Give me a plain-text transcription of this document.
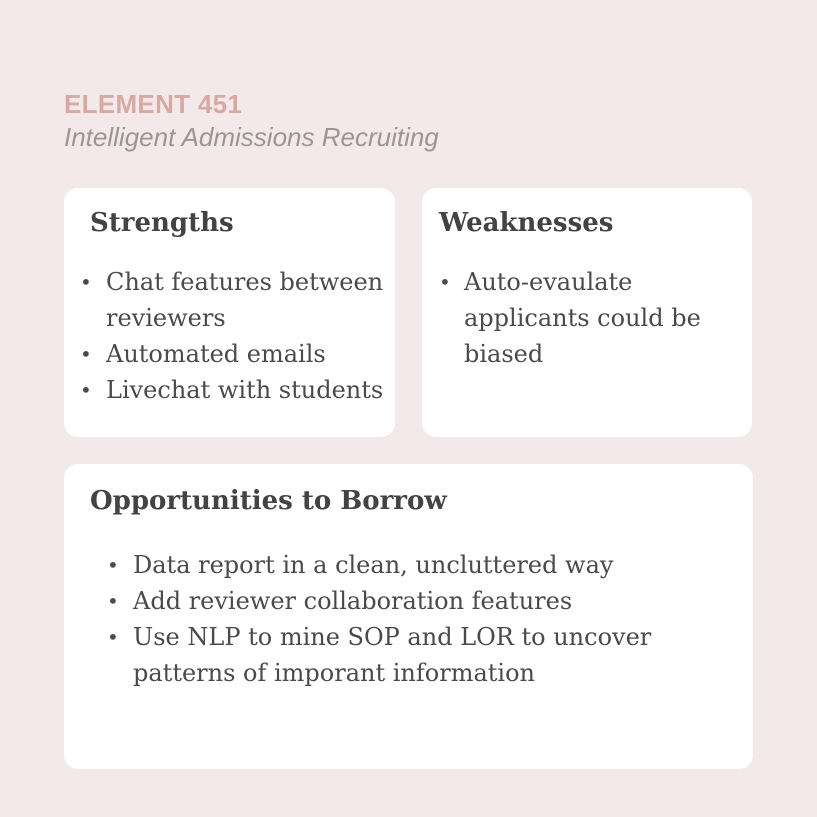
ELEMENT 451
Intelligent Admissions Recruiting
Strengths
• Chat features between reviewers
• Automated emails
• Livechat with students
Weaknesses
• Auto-evaulate applicants could be biased
Opportunities to Borrow
• Data report in a clean, uncluttered way
• Add reviewer collaboration features
• Use NLP to mine SOP and LOR to uncover patterns of imporant information
